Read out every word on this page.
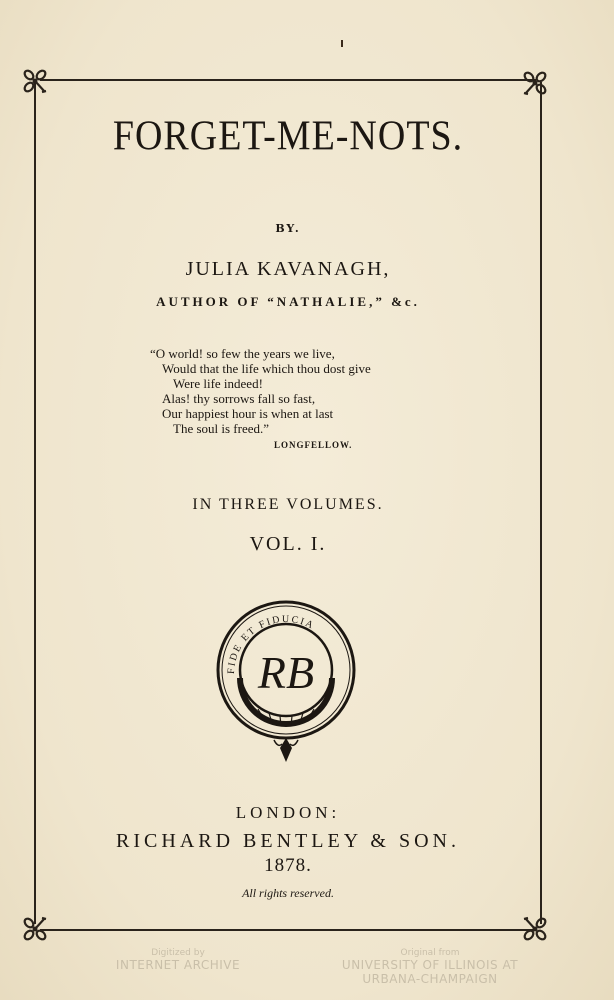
FORGET-ME-NOTS.
BY.
JULIA KAVANAGH,
AUTHOR OF “NATHALIE,” &c.
“O world! so few the years we live,
Would that the life which thou dost give
Were life indeed!
Alas! thy sorrows fall so fast,
Our happiest hour is when at last
The soul is freed.”
LONGFELLOW.
IN THREE VOLUMES.
VOL. I.
FIDE ET FIDUCIA
RB
LONDON:
RICHARD BENTLEY & SON.
1878.
All rights reserved.
Digitized by
INTERNET ARCHIVE
Original from
UNIVERSITY OF ILLINOIS AT
URBANA-CHAMPAIGN
